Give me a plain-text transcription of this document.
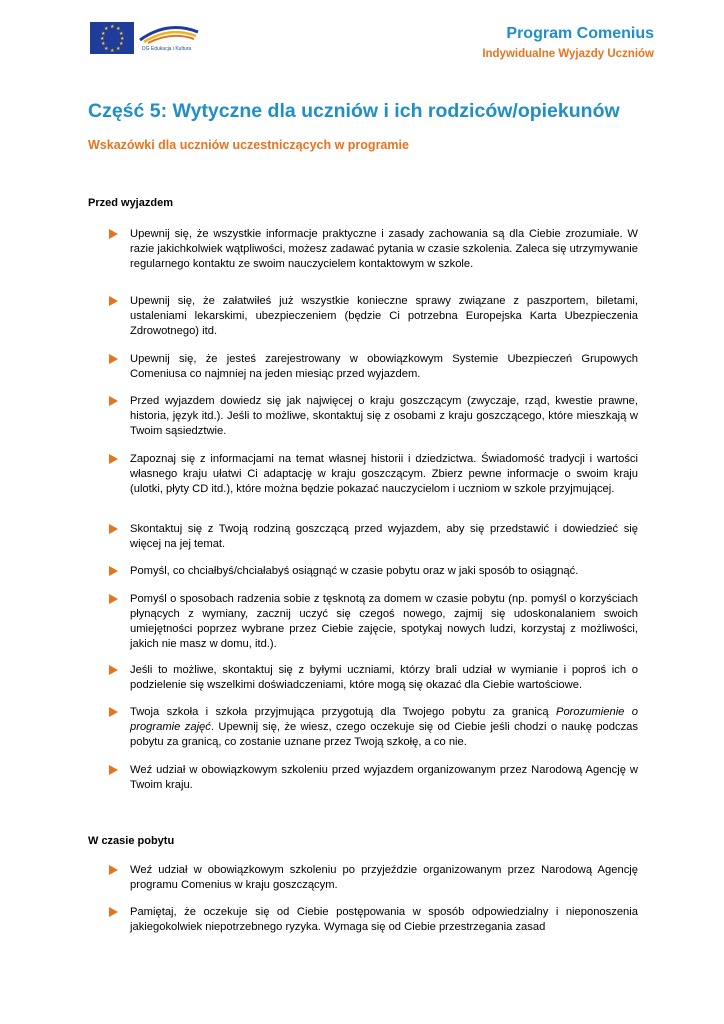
★ ★
★
★
★
★
★
★
★
★
★
★
DG Edukacja i Kultura
Program Comenius
Indywidualne Wyjazdy Uczniów
Część 5: Wytyczne dla uczniów i ich rodziców/opiekunów
Wskazówki dla uczniów uczestniczących w programie
Przed wyjazdem
Upewnij się, że wszystkie informacje praktyczne i zasady zachowania są dla Ciebie zrozumiałe. W razie jakichkolwiek wątpliwości, możesz zadawać pytania w czasie szkolenia. Zaleca się utrzymywanie regularnego kontaktu ze swoim nauczycielem kontaktowym w szkole.
Upewnij się, że załatwiłeś już wszystkie konieczne sprawy związane z paszportem, biletami, ustaleniami lekarskimi, ubezpieczeniem (będzie Ci potrzebna Europejska Karta Ubezpieczenia Zdrowotnego) itd.
Upewnij się, że jesteś zarejestrowany w obowiązkowym Systemie Ubezpieczeń Grupowych Comeniusa co najmniej na jeden miesiąc przed wyjazdem.
Przed wyjazdem dowiedz się jak najwięcej o kraju goszczącym (zwyczaje, rząd, kwestie prawne, historia, język itd.). Jeśli to możliwe, skontaktuj się z osobami z kraju goszczącego, które mieszkają w Twoim sąsiedztwie.
Zapoznaj się z informacjami na temat własnej historii i dziedzictwa. Świadomość tradycji i wartości własnego kraju ułatwi Ci adaptację w kraju goszczącym. Zbierz pewne informacje o swoim kraju (ulotki, płyty CD itd.), które można będzie pokazać nauczycielom i uczniom w szkole przyjmującej.
Skontaktuj się z Twoją rodziną goszczącą przed wyjazdem, aby się przedstawić i dowiedzieć się więcej na jej temat.
Pomyśl, co chciałbyś/chciałabyś osiągnąć w czasie pobytu oraz w jaki sposób to osiągnąć.
Pomyśl o sposobach radzenia sobie z tęsknotą za domem w czasie pobytu (np. pomyśl o korzyściach płynących z wymiany, zacznij uczyć się czegoś nowego, zajmij się udoskonalaniem swoich umiejętności poprzez wybrane przez Ciebie zajęcie, spotykaj nowych ludzi, korzystaj z możliwości, jakich nie masz w domu, itd.).
Jeśli to możliwe, skontaktuj się z byłymi uczniami, którzy brali udział w wymianie i poproś ich o podzielenie się wszelkimi doświadczeniami, które mogą się okazać dla Ciebie wartościowe.
Twoja szkoła i szkoła przyjmująca przygotują dla Twojego pobytu za granicą Porozumienie o programie zajęć. Upewnij się, że wiesz, czego oczekuje się od Ciebie jeśli chodzi o naukę podczas pobytu za granicą, co zostanie uznane przez Twoją szkołę, a co nie.
Weź udział w obowiązkowym szkoleniu przed wyjazdem organizowanym przez Narodową Agencję w Twoim kraju.
W czasie pobytu
Weź udział w obowiązkowym szkoleniu po przyjeździe organizowanym przez Narodową Agencję programu Comenius w kraju goszczącym.
Pamiętaj, że oczekuje się od Ciebie postępowania w sposób odpowiedzialny i nieponoszenia jakiegokolwiek niepotrzebnego ryzyka. Wymaga się od Ciebie przestrzegania zasad
